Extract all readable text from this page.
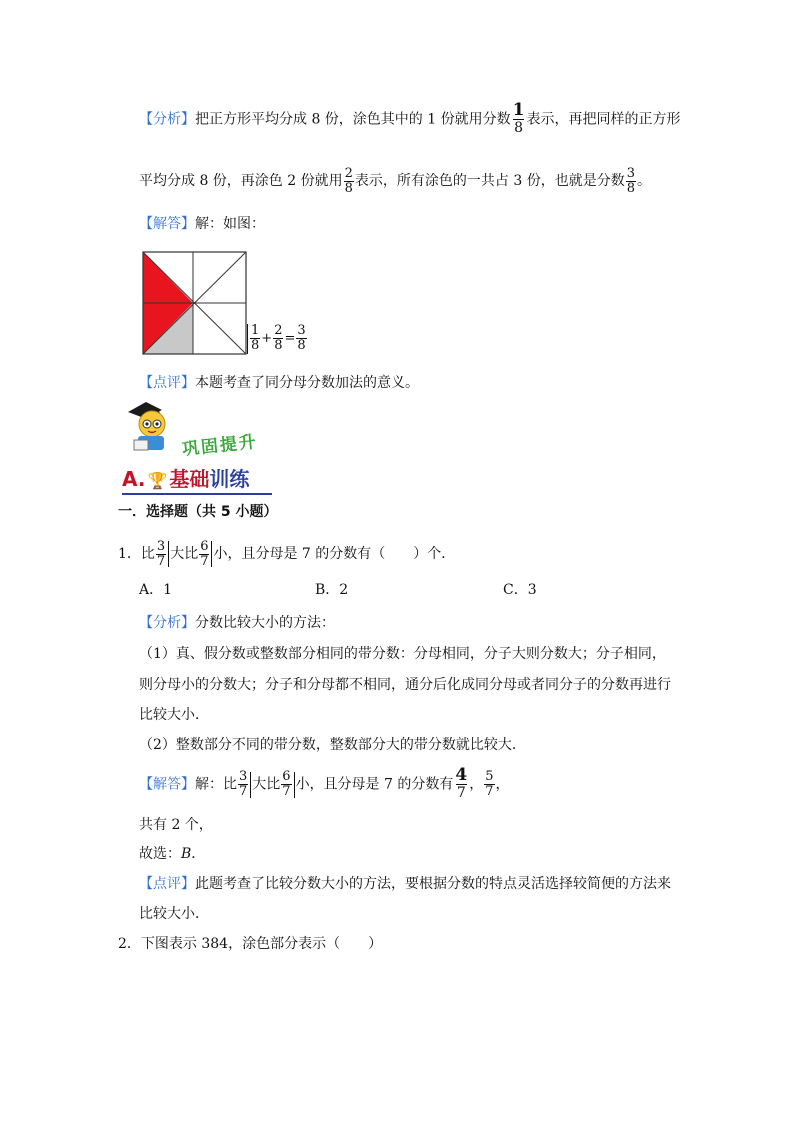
【分析】把正方形平均分成 8 份，涂色其中的 1 份就用分数 $\frac{1}{8}$ 表示，再把同样的正方形
平均分成 8 份，再涂色 2 份就用 $\frac{2}{8}$ 表示，所有涂色的一共占 3 份，也就是分数 $\frac{3}{8}$ 。
【解答】解：如图：
$\frac{1}{8} + \frac{2}{8} = \frac{3}{8}$
【点评】本题考查了同分母分数加法的意义。
巩固提升
A. 🏆 基础训练
一．选择题（共 5 小题）
1．比 $\frac{3}{7}$ 大比 $\frac{6}{7}$ 小，且分母是 7 的分数有（　　）个．
A．1	B．2	C．3
【分析】分数比较大小的方法：
（1）真、假分数或整数部分相同的带分数：分母相同，分子大则分数大；分子相同，
则分母小的分数大；分子和分母都不相同，通分后化成同分母或者同分子的分数再进行
比较大小．
（2）整数部分不同的带分数，整数部分大的带分数就比较大．
【解答】解：比 $\frac{3}{7}$ 大比 $\frac{6}{7}$ 小，且分母是 7 的分数有 $\frac{4}{7}$ ， $\frac{5}{7}$ ，
共有 2 个，
故选：B．
【点评】此题考查了比较分数大小的方法，要根据分数的特点灵活选择较简便的方法来
比较大小．
2．下图表示 384，涂色部分表示（　　）
